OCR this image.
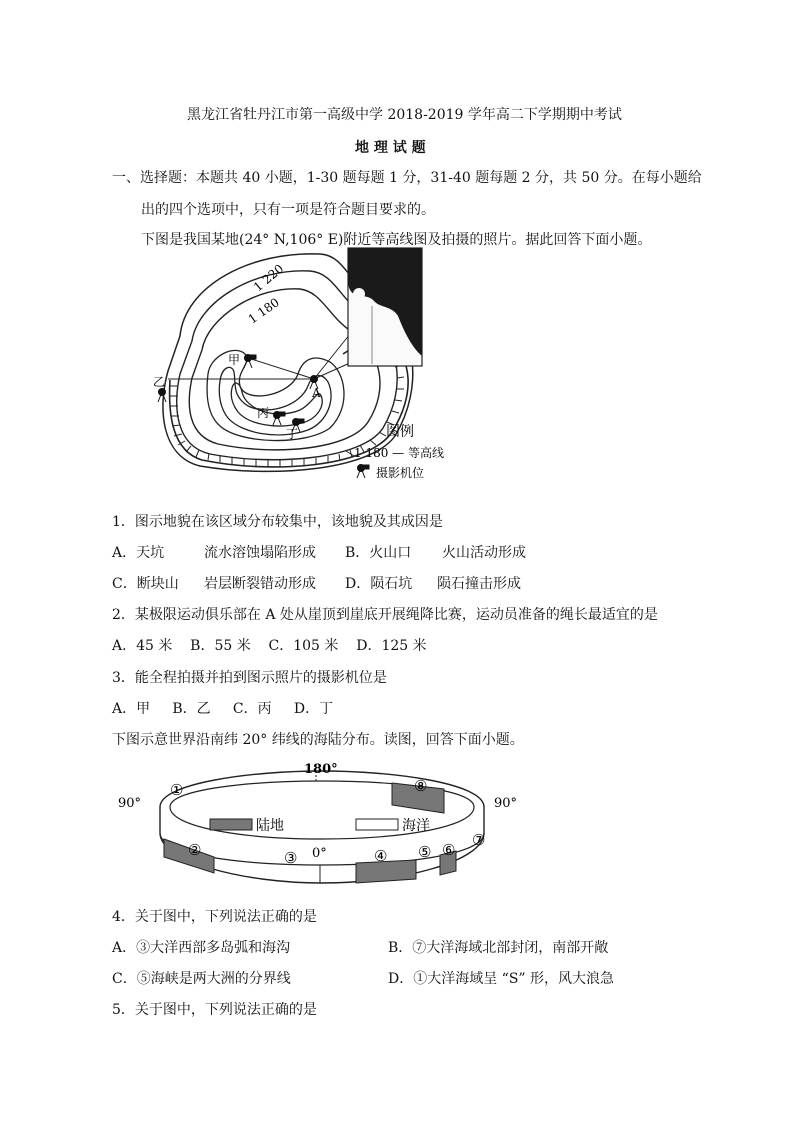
黑龙江省牡丹江市第一高级中学 2018-2019 学年高二下学期期中考试
地 理 试 题
一、选择题：本题共 40 小题，1-30 题每题 1 分，31-40 题每题 2 分，共 50 分。在每小题给
出的四个选项中，只有一项是符合题目要求的。
下图是我国某地(24° N,106° E)附近等高线图及拍摄的照片。据此回答下面小题。
1 220
1 180
甲
乙
丙
丁
A
图例
1 180 — 等高线
摄影机位
1．图示地貌在该区域分布较集中，该地貌及其成因是
A．天坑	流水溶蚀塌陷形成 B．火山口 火山活动形成
C．断块山 岩层断裂错动形成 D．陨石坑 陨石撞击形成
2．某极限运动俱乐部在 A 处从崖顶到崖底开展绳降比赛，运动员准备的绳长最适宜的是
A．45 米    B．55 米    C．105 米    D．125 米
3．能全程拍摄并拍到图示照片的摄影机位是
A．甲     B．乙     C．丙     D．丁
下图示意世界沿南纬 20° 纬线的海陆分布。读图，回答下面小题。
180°
90°	90°
0°
陆地	海洋
①
②	③	④ ⑤ ⑥
⑦
⑧
4．关于图中，下列说法正确的是
A．③大洋西部多岛弧和海沟	B．⑦大洋海域北部封闭，南部开敞
C．⑤海峡是两大洲的分界线	D．①大洋海域呈 “S” 形，风大浪急
5．关于图中，下列说法正确的是
